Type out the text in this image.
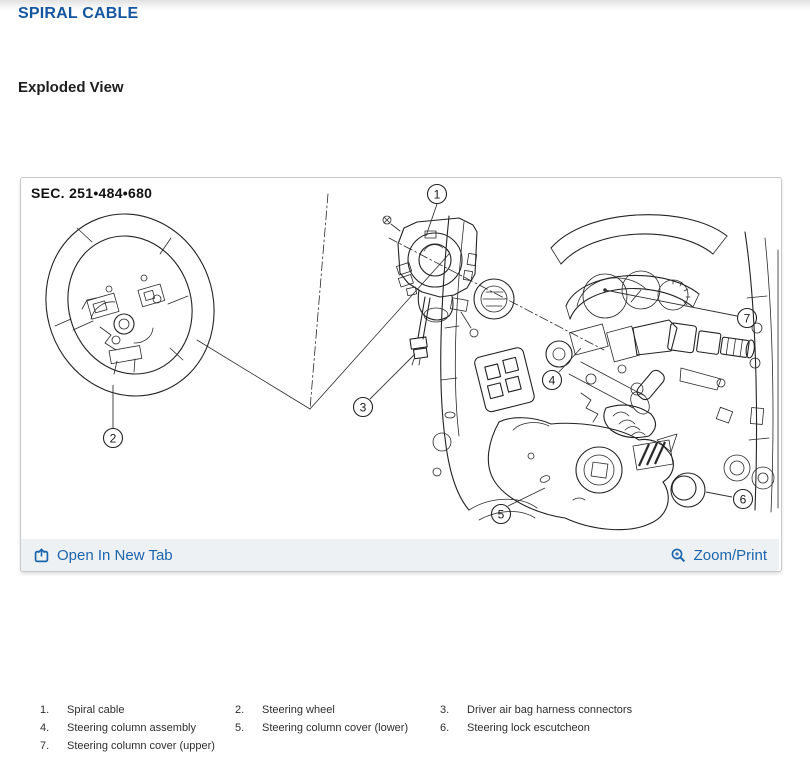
SPIRAL CABLE
Exploded View
SEC. 251•484•680	1
2
3
4
5
6
7
Open In New Tab	Zoom/Print
1.	Spiral cable	2.	Steering wheel	3.	Driver air bag harness connectors
4.	Steering column assembly	5.	Steering column cover (lower)	6.	Steering lock escutcheon
7.	Steering column cover (upper)
